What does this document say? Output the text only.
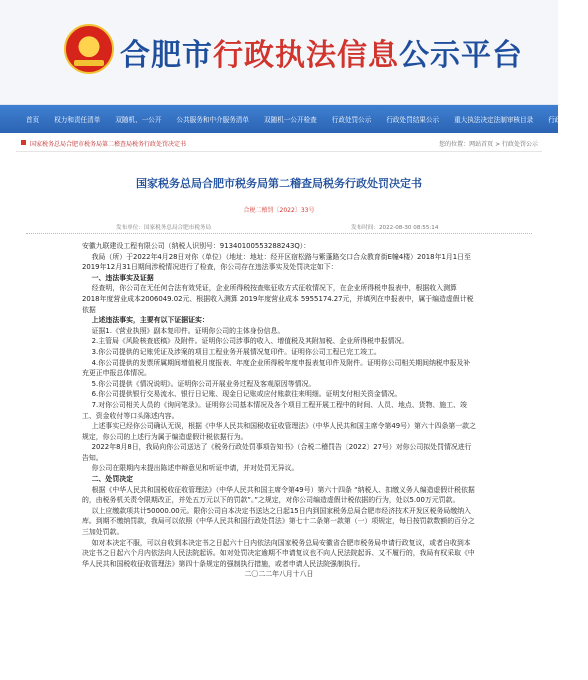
合肥市行政执法信息公示平台
首页 权力和责任清单 双随机、一公开 公共服务和中介服务清单 双随机一公开检查 行政处罚公示 行政处罚结果公示 重大执法决定法制审核目录 行政处罚数据
国家税务总局合肥市税务局第二稽查局税务行政处罚决定书	您的位置：网站首页 > 行政处罚公示
国家税务总局合肥市税务局第二稽查局税务行政处罚决定书
合税二稽罚〔2022〕33号
发布单位：国家税务总局合肥市税务局	发布时间：2022-08-30 08:55:14

安徽九联建设工程有限公司（纳税人识别号：91340100553288243Q）：

我局（所）于2022年4月28日对你（单位）（地址：地址：经开区宿松路与紫蓬路交口合众教育街E幢4楼）2018年1月1日至2019年12月31日期间涉税情况进行了检查，你公司存在违法事实及处罚决定如下：

一、违法事实及证据

经查明，你公司在无任何合法有效凭证，企业所得税按查账征收方式征收情况下，在企业所得税申报表中，根据收入测算 2018年度营业成本2006049.02元、根据收入测算 2019年度营业成本 5955174.27元，并填列在申报表中，属于编造虚假计税依据

上述违法事实，主要有以下证据证实：

证据1.《营业执照》副本复印件。证明你公司的主体身份信息。

2.主管局《风险核查底稿》及附件。证明你公司涉事的收入、增值税及其附加税、企业所得税申报情况。

3.你公司提供的记账凭证及涉案的项目工程业务开展情况复印件。证明你公司工程已完工竣工。

4.你公司提供的发票所属期间增值税月度报表、年度企业所得税年度申报表复印件及附件。证明你公司相关期间纳税申报及补充更正申报总体情况。

5.你公司提供《情况说明》。证明你公司开展业务过程及客观原因等情况。

6.你公司提供银行交易流水、银行日记账、现金日记账或应付账款往来明细。证明支付相关资金情况。

7.对你公司相关人员的《询问笔录》。证明你公司基本情况及各个项目工程开展工程中的时间、人员、地点、货物、施工、竣工、资金收付等口头陈述内容。

上述事实已经你公司确认无误，根据《中华人民共和国税收征收管理法》（中华人民共和国主席令第49号）第六十四条第一款之规定，你公司的上述行为属于编造虚假计税依据行为。

2022年8月8日，我局向你公司送达了《税务行政处罚事项告知书》（合税二稽罚告〔2022〕27号）对你公司拟处罚情况进行告知。

你公司在限期内未提出陈述申辩意见和听证申请，并对处罚无异议。

二、处罚决定

根据《中华人民共和国税收征收管理法》（中华人民共和国主席令第49号）第六十四条 “纳税人、扣缴义务人编造虚假计税依据的，由税务机关责令限期改正，并处五万元以下的罚款”。”之规定，对你公司编造虚假计税依据的行为，处以5.00万元罚款。

以上应缴款项共计50000.00元。限你公司自本决定书送达之日起15日内到国家税务总局合肥市经济技术开发区税务局缴纳入库。到期不缴纳罚款，我局可以依照《中华人民共和国行政处罚法》第七十二条第一款第（一）项规定，每日按罚款数额的百分之三加处罚款。

如对本决定不服，可以自收到本决定书之日起六十日内依法向国家税务总局安徽省合肥市税务局申请行政复议，或者自收到本决定书之日起六个月内依法向人民法院起诉。如对处罚决定逾期不申请复议也不向人民法院起诉、又不履行的，我局有权采取《中华人民共和国税收征收管理法》第四十条规定的强制执行措施，或者申请人民法院强制执行。

二〇二二年八月十八日
